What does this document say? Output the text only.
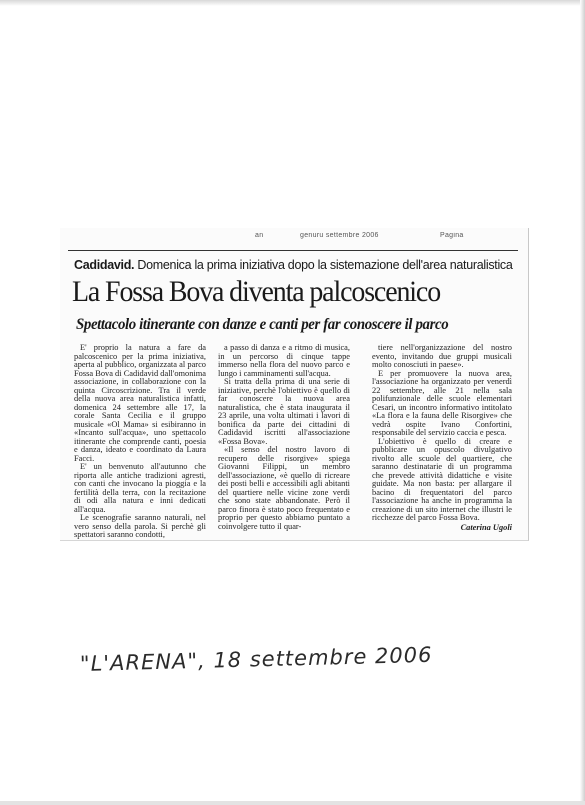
an	genuru settembre 2006	Pagina
Cadidavid. Domenica la prima iniziativa dopo la sistemazione dell'area naturalistica
La Fossa Bova diventa palcoscenico
Spettacolo itinerante con danze e canti per far conoscere il parco

E' proprio la natura a fare da palcoscenico per la prima iniziativa, aperta al pubblico, organizzata al parco Fossa Bova di Cadidavid dall'omonima associazione, in collaborazione con la quinta Circoscrizione. Tra il verde della nuova area naturalistica infatti, domenica 24 settembre alle 17, la corale Santa Cecilia e il gruppo musicale «Ol Mama» si esibiranno in «Incanto sull'acqua», uno spettacolo itinerante che comprende canti, poesia e danza, ideato e coordinato da Laura Facci.

E' un benvenuto all'autunno che riporta alle antiche tradizioni agresti, con canti che invocano la pioggia e la fertilità della terra, con la recitazione di odi alla natura e inni dedicati all'acqua.

Le scenografie saranno naturali, nel vero senso della parola. Si perchè gli spettatori saranno condotti,

a passo di danza e a ritmo di musica, in un percorso di cinque tappe immerso nella flora del nuovo parco e lungo i camminamenti sull'acqua.

Si tratta della prima di una serie di iniziative, perchè l'obiettivo è quello di far conoscere la nuova area naturalistica, che è stata inaugurata il 23 aprile, una volta ultimati i lavori di bonifica da parte dei cittadini di Cadidavid iscritti all'associazione «Fossa Bova».

«Il senso del nostro lavoro di recupero delle risorgive» spiega Giovanni Filippi, un membro dell'associazione, «è quello di ricreare dei posti belli e accessibili agli abitanti del quartiere nelle vicine zone verdi che sono state abbandonate. Però il parco finora è stato poco frequentato e proprio per questo abbiamo puntato a coinvolgere tutto il quar-

tiere nell'organizzazione del nostro evento, invitando due gruppi musicali molto conosciuti in paese».

E per promuovere la nuova area, l'associazione ha organizzato per venerdì 22 settembre, alle 21 nella sala polifunzionale delle scuole elementari Cesari, un incontro informativo intitolato «La flora e la fauna delle Risorgive» che vedrà ospite Ivano Confortini, responsabile del servizio caccia e pesca.

L'obiettivo è quello di creare e pubblicare un opuscolo divulgativo rivolto alle scuole del quartiere, che saranno destinatarie di un programma che prevede attività didattiche e visite guidate. Ma non basta: per allargare il bacino di frequentatori del parco l'associazione ha anche in programma la creazione di un sito internet che illustri le ricchezze del parco Fossa Bova.

Caterina Ugoli
"L'ARENA", 18 settembre 2006
